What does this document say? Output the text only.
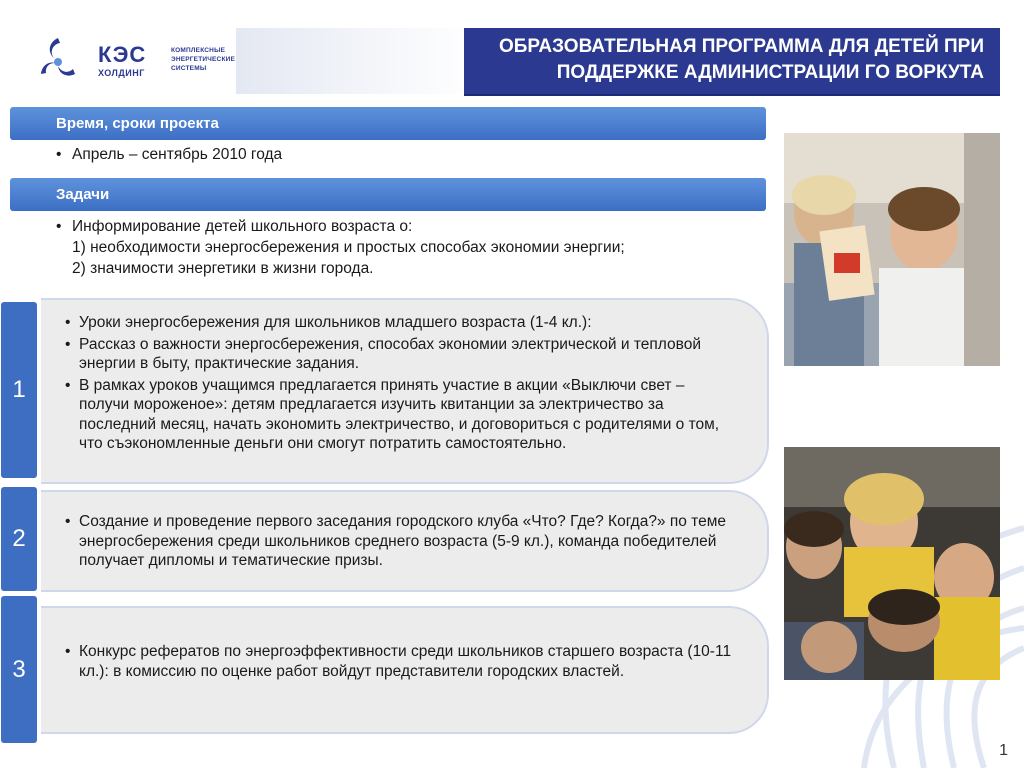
КЭС
ХОЛДИНГ
КОМПЛЕКСНЫЕ ЭНЕРГЕТИЧЕСКИЕ СИСТЕМЫ
ОБРАЗОВАТЕЛЬНАЯ ПРОГРАММА ДЛЯ ДЕТЕЙ ПРИ
ПОДДЕРЖКЕ АДМИНИСТРАЦИИ ГО ВОРКУТА
Время, сроки проекта
• Апрель – сентябрь 2010 года
Задачи
• Информирование детей школьного возраста о:
1) необходимости энергосбережения и простых способах экономии энергии;
2) значимости энергетики в жизни города.
1
• Уроки энергосбережения для школьников младшего возраста (1-4 кл.):
• Рассказ о важности энергосбережения, способах экономии электрической и тепловой энергии в быту, практические задания.
• В рамках уроков учащимся предлагается принять участие в акции «Выключи свет – получи мороженое»: детям предлагается изучить квитанции за электричество за последний месяц, начать экономить электричество, и договориться с родителями о том, что съэкономленные деньги они смогут потратить самостоятельно.
2
• Создание и проведение первого заседания городского клуба «Что? Где? Когда?» по теме энергосбережения среди школьников среднего возраста (5-9 кл.), команда победителей получает дипломы и тематические призы.
3
• Конкурс рефератов по энергоэффективности среди школьников старшего возраста (10-11 кл.): в комиссию по оценке работ войдут представители городских властей.
1
